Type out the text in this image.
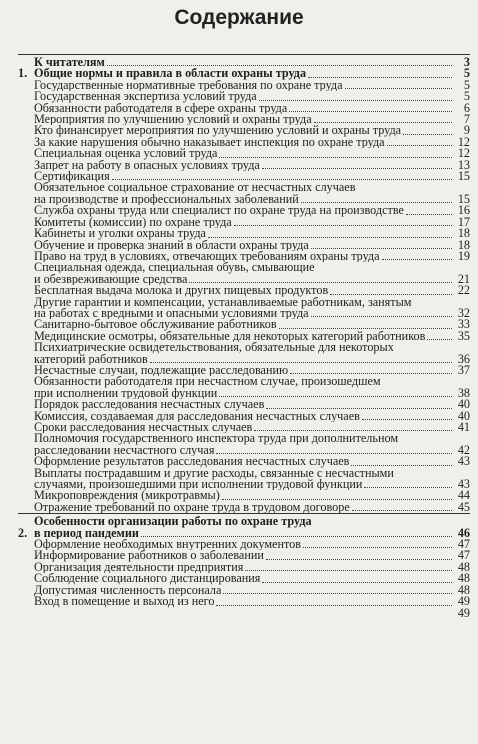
Содержание
К читателям	3
1. Общие нормы и правила в области охраны труда	5
Государственные нормативные требования по охране труда	5
Государственная экспертиза условий труда	5
Обязанности работодателя в сфере охраны труда	6
Мероприятия по улучшению условий и охраны труда	7
Кто финансирует мероприятия по улучшению условий и охраны труда	9
За какие нарушения обычно наказывает инспекция по охране труда	12
Специальная оценка условий труда	12
Запрет на работу в опасных условиях труда	13
Сертификация	15
Обязательное социальное страхование от несчастных случаев
на производстве и профессиональных заболеваний	15
Служба охраны труда или специалист по охране труда на производстве	16
Комитеты (комиссии) по охране труда	17
Кабинеты и уголки охраны труда	18
Обучение и проверка знаний в области охраны труда	18
Право на труд в условиях, отвечающих требованиям охраны труда	19
Специальная одежда, специальная обувь, смывающие
и обезвреживающие средства	21
Бесплатная выдача молока и других пищевых продуктов	22
Другие гарантии и компенсации, устанавливаемые работникам, занятым
на работах с вредными и опасными условиями труда	32
Санитарно-бытовое обслуживание работников	33
Медицинские осмотры, обязательные для некоторых категорий работников	35
Психиатрические освидетельствования, обязательные для некоторых
категорий работников	36
Несчастные случаи, подлежащие расследованию	37
Обязанности работодателя при несчастном случае, произошедшем
при исполнении трудовой функции	38
Порядок расследования несчастных случаев	40
Комиссия, создаваемая для расследования несчастных случаев	40
Сроки расследования несчастных случаев	41
Полномочия государственного инспектора труда при дополнительном
расследовании несчастного случая	42
Оформление результатов расследования несчастных случаев	43
Выплаты пострадавшим и другие расходы, связанные с несчастными
случаями, произошедшими при исполнении трудовой функции	43
Микроповреждения (микротравмы)	44
Отражение требований по охране труда в трудовом договоре	45
2.
Особенности организации работы по охране труда
в период пандемии	46
Оформление необходимых внутренних документов	47
Информирование работников о заболевании	47
Организация деятельности предприятия	48
Соблюдение социального дистанцирования	48
Допустимая численность персонала	48
Вход в помещение и выход из него	49
49
